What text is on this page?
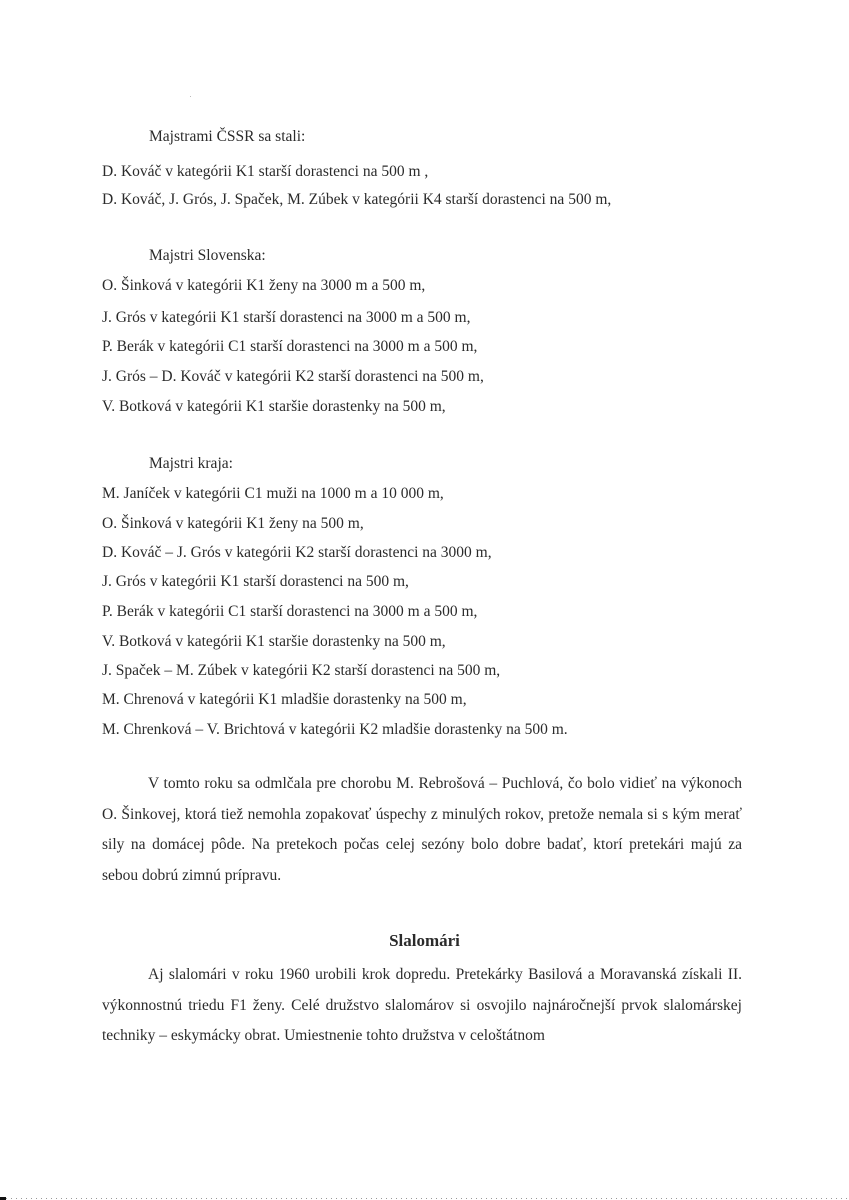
Majstrami ČSSR sa stali:
D. Kováč v kategórii K1 starší dorastenci na 500 m ,
D. Kováč, J. Grós, J. Spaček, M. Zúbek v kategórii K4 starší dorastenci na 500 m,
Majstri Slovenska:
O. Šinková v kategórii K1 ženy na 3000 m a 500 m,
J. Grós v kategórii K1 starší dorastenci na 3000 m a 500 m,
P. Berák v kategórii C1 starší dorastenci na 3000 m a 500 m,
J. Grós – D. Kováč v kategórii K2 starší dorastenci na 500 m,
V. Botková v kategórii K1 staršie dorastenky na 500 m,
Majstri kraja:
M. Janíček v kategórii C1 muži na 1000 m a 10 000 m,
O. Šinková v kategórii K1 ženy na 500 m,
D. Kováč – J. Grós v kategórii K2 starší dorastenci na 3000 m,
J. Grós v kategórii K1 starší dorastenci na 500 m,
P. Berák v kategórii C1 starší dorastenci na 3000 m a 500 m,
V. Botková v kategórii K1 staršie dorastenky na 500 m,
J. Spaček – M. Zúbek v kategórii K2 starší dorastenci na 500 m,
M. Chrenová v kategórii K1 mladšie dorastenky na 500 m,
M. Chrenková – V. Brichtová v kategórii K2 mladšie dorastenky na 500 m.

V tomto roku sa odmlčala pre chorobu M. Rebrošová – Puchlová, čo bolo vidieť na výkonoch O. Šinkovej, ktorá tiež nemohla zopakovať úspechy z minulých rokov, pretože nemala si s kým merať sily na domácej pôde. Na pretekoch počas celej sezóny bolo dobre badať, ktorí pretekári majú za sebou dobrú zimnú prípravu.

Slalomári

Aj slalomári v roku 1960 urobili krok dopredu. Pretekárky Basilová a Moravanská získali II. výkonnostnú triedu F1 ženy. Celé družstvo slalomárov si osvojilo najnáročnejší prvok slalomárskej techniky – eskymácky obrat. Umiestnenie tohto družstva v celoštátnom
